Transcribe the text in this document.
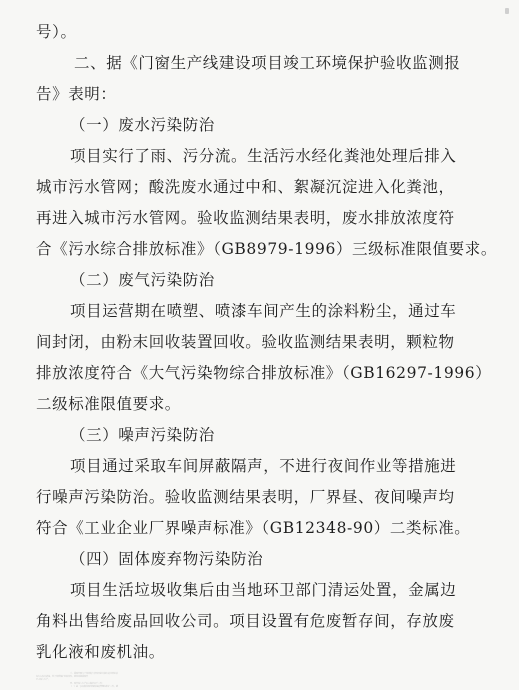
号）。
二、据《门窗生产线建设项目竣工环境保护验收监测报
告》表明：
（一）废水污染防治
项目实行了雨、污分流。生活污水经化粪池处理后排入
城市污水管网；酸洗废水通过中和、絮凝沉淀进入化粪池，
再进入城市污水管网。验收监测结果表明，废水排放浓度符
合《污水综合排放标准》（GB8979-1996）三级标准限值要求。
（二）废气污染防治
项目运营期在喷塑、喷漆车间产生的涂料粉尘，通过车
间封闭，由粉末回收装置回收。验收监测结果表明，颗粒物
排放浓度符合《大气污染物综合排放标准》（GB16297-1996）
二级标准限值要求。
（三）噪声污染防治
项目通过采取车间屏蔽隔声，不进行夜间作业等措施进
行噪声污染防治。验收监测结果表明，厂界昼、夜间噪声均
符合《工业企业厂界噪声标准》（GB12348-90）二类标准。
（四）固体废弃物污染防治
项目生活垃圾收集后由当地环卫部门清运处置，金属边
角料出售给废品回收公司。项目设置有危废暂存间，存放废
乳化液和废机油。
三、该项目落实了环评报告表及其批复提出的污染防治
和生态恢复措施，符合环境保护验收条件，我局同意该项目
正式投入生产。
四、项目投入生产后应做好以下工作：
（一）进一步加强各项环保设施的管理和维护工作，确
